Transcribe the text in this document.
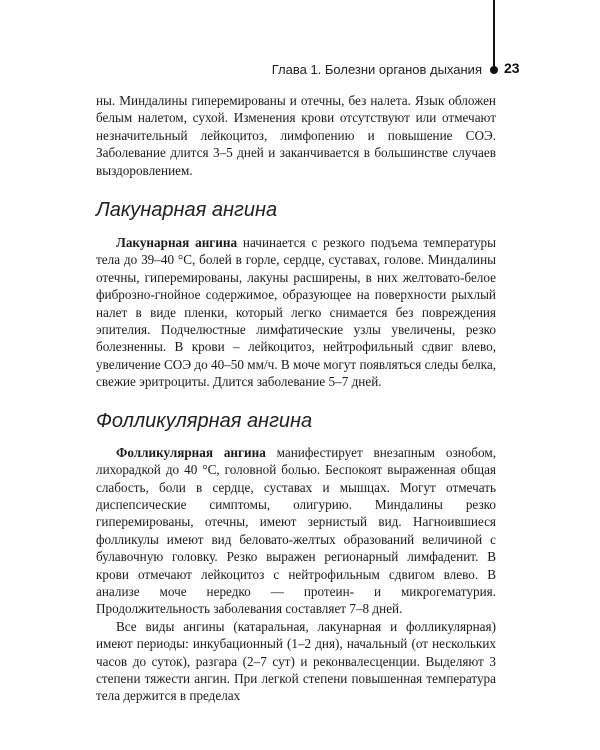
Глава 1. Болезни органов дыхания 23

ны. Миндалины гиперемированы и отечны, без налета. Язык обложен белым налетом, сухой. Изменения крови отсутствуют или отмечают незначительный лейкоцитоз, лимфопению и повышение СОЭ. Заболевание длится 3–5 дней и заканчивается в большинстве случаев выздоровлением.

Лакунарная ангина

Лакунарная ангина начинается с резкого подъема температуры тела до 39–40 °С, болей в горле, сердце, суставах, голове. Миндалины отечны, гиперемированы, лакуны расширены, в них желтовато-белое фиброзно-гнойное содержимое, образующее на поверхности рыхлый налет в виде пленки, который легко снимается без повреждения эпителия. Подчелюстные лимфатические узлы увеличены, резко болезненны. В крови – лейкоцитоз, нейтрофильный сдвиг влево, увеличение СОЭ до 40–50 мм/ч. В моче могут появляться следы белка, свежие эритроциты. Длится заболевание 5–7 дней.

Фолликулярная ангина

Фолликулярная ангина манифестирует внезапным ознобом, лихорадкой до 40 °С, головной болью. Беспокоят выраженная общая слабость, боли в сердце, суставах и мышцах. Могут отмечать диспепсические симптомы, олигурию. Миндалины резко гиперемированы, отечны, имеют зернистый вид. Нагноившиеся фолликулы имеют вид беловато-желтых образований величиной с булавочную головку. Резко выражен регионарный лимфаденит. В крови отмечают лейкоцитоз с нейтрофильным сдвигом влево. В анализе моче нередко — протеин- и микрогематурия. Продолжительность заболевания составляет 7–8 дней.

Все виды ангины (катаральная, лакунарная и фолликулярная) имеют периоды: инкубационный (1–2 дня), начальный (от нескольких часов до суток), разгара (2–7 сут) и реконвалесценции. Выделяют 3 степени тяжести ангин. При легкой степени повышенная температура тела держится в пределах
